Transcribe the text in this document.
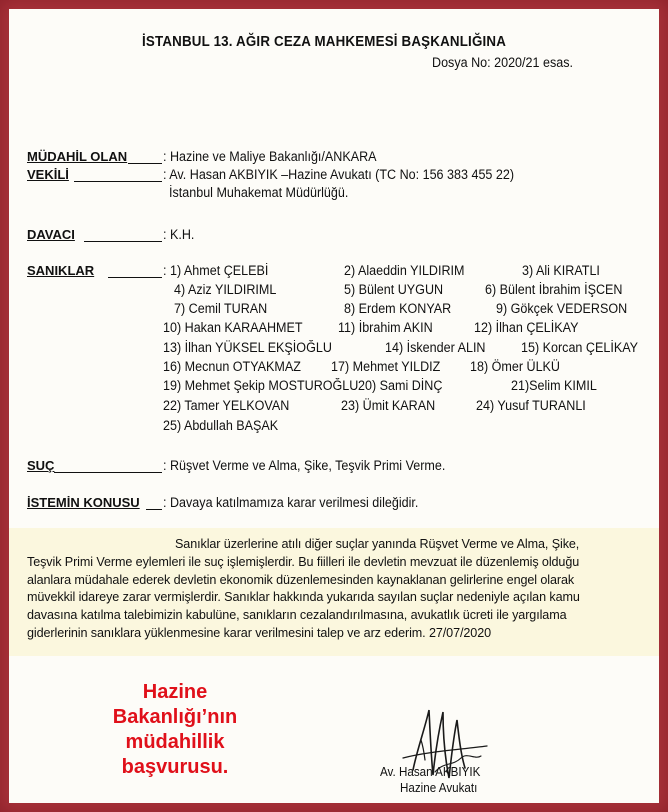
İSTANBUL 13. AĞIR CEZA MAHKEMESİ BAŞKANLIĞINA
Dosya No: 2020/21 esas.
MÜDAHİL OLAN	: Hazine ve Maliye Bakanlığı/ANKARA
VEKİLİ	: Av. Hasan AKBIYIK –Hazine Avukatı (TC No: 156 383 455 22)
İstanbul Muhakemat Müdürlüğü.
DAVACI	: K.H.
SANIKLAR	: 1) Ahmet ÇELEBİ	2) Alaeddin YILDIRIM	3) Ali KIRATLI
4) Aziz YILDIRIML	5) Bülent UYGUN	6) Bülent İbrahim İŞCEN
7) Cemil TURAN	8) Erdem KONYAR	9) Gökçek VEDERSON
10) Hakan KARAAHMET	11) İbrahim AKIN	12) İlhan ÇELİKAY
13) İlhan YÜKSEL EKŞİOĞLU	14) İskender ALIN	15) Korcan ÇELİKAY
16) Mecnun OTYAKMAZ 17) Mehmet YILDIZ 18) Ömer ÜLKÜ
19) Mehmet Şekip MOSTUROĞLU 20) Sami DİNÇ	21)Selim KIMIL
22) Tamer YELKOVAN	23) Ümit KARAN	24) Yusuf TURANLI
25) Abdullah BAŞAK
SUÇ	: Rüşvet Verme ve Alma, Şike, Teşvik Primi Verme.
İSTEMİN KONUSU : Davaya katılmamıza karar verilmesi dileğidir.
Sanıklar üzerlerine atılı diğer suçlar yanında Rüşvet Verme ve Alma, Şike,
Teşvik Primi Verme eylemleri ile suç işlemişlerdir. Bu fiilleri ile devletin mevzuat ile düzenlemiş olduğu
alanlara müdahale ederek devletin ekonomik düzenlemesinden kaynaklanan gelirlerine engel olarak
müvekkil idareye zarar vermişlerdir. Sanıklar hakkında yukarıda sayılan suçlar nedeniyle açılan kamu
davasına katılma talebimizin kabulüne, sanıkların cezalandırılmasına, avukatlık ücreti ile yargılama
giderlerinin sanıklara yüklenmesine karar verilmesini talep ve arz ederim. 27/07/2020
Hazine
Bakanlığı’nın
müdahillik
başvurusu.	Av. Hasan AKBIYIK
Hazine Avukatı
